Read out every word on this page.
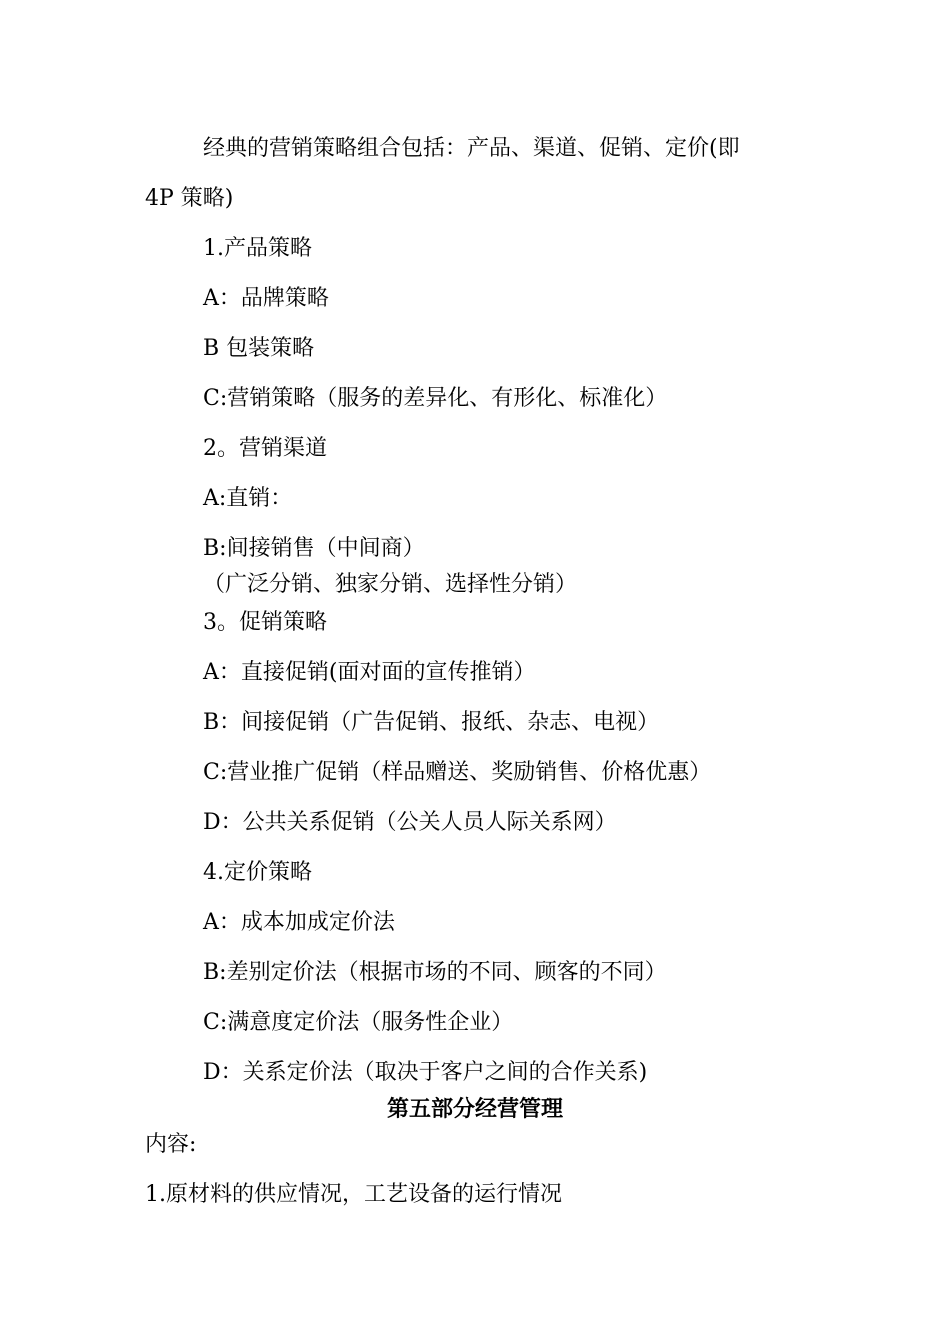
经典的营销策略组合包括：产品、渠道、促销、定价(即
4P 策略)
1.产品策略
A：品牌策略
B 包装策略
C:营销策略（服务的差异化、有形化、标准化）
2。营销渠道
A:直销：
B:间接销售（中间商）
（广泛分销、独家分销、选择性分销）
3。促销策略
A：直接促销(面对面的宣传推销）
B：间接促销（广告促销、报纸、杂志、电视）
C:营业推广促销（样品赠送、奖励销售、价格优惠）
D：公共关系促销（公关人员人际关系网）
4.定价策略
A：成本加成定价法
B:差别定价法（根据市场的不同、顾客的不同）
C:满意度定价法（服务性企业）
D：关系定价法（取决于客户之间的合作关系)
第五部分经营管理
内容:
1.原材料的供应情况，工艺设备的运行情况
